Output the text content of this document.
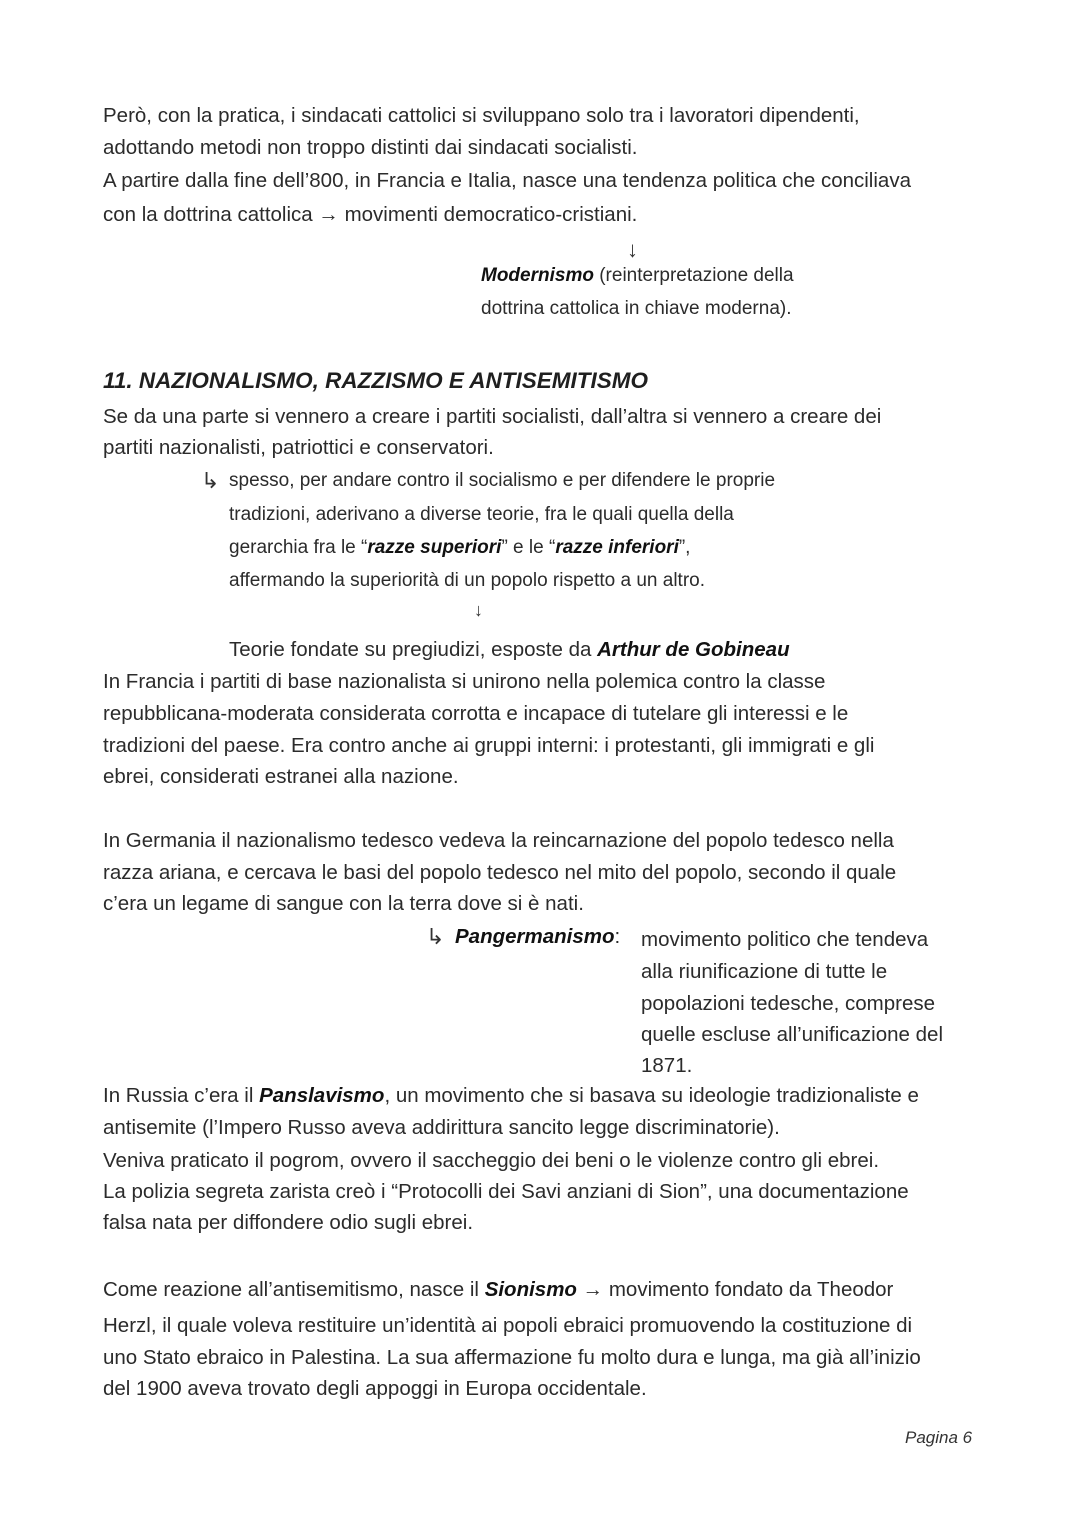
Però, con la pratica, i sindacati cattolici si sviluppano solo tra i lavoratori dipendenti,
adottando metodi non troppo distinti dai sindacati socialisti.
A partire dalla fine dell’800, in Francia e Italia, nasce una tendenza politica che conciliava
con la dottrina cattolica → movimenti democratico-cristiani.
↓
Modernismo (reinterpretazione della
dottrina cattolica in chiave moderna).
11. NAZIONALISMO, RAZZISMO E ANTISEMITISMO
Se da una parte si vennero a creare i partiti socialisti, dall’altra si vennero a creare dei
partiti nazionalisti, patriottici e conservatori.
↳ spesso, per andare contro il socialismo e per difendere le proprie
tradizioni, aderivano a diverse teorie, fra le quali quella della
gerarchia fra le “razze superiori” e le “razze inferiori”,
affermando la superiorità di un popolo rispetto a un altro.
↓
Teorie fondate su pregiudizi, esposte da Arthur de Gobineau
In Francia i partiti di base nazionalista si unirono nella polemica contro la classe
repubblicana-moderata considerata corrotta e incapace di tutelare gli interessi e le
tradizioni del paese. Era contro anche ai gruppi interni: i protestanti, gli immigrati e gli
ebrei, considerati estranei alla nazione.
In Germania il nazionalismo tedesco vedeva la reincarnazione del popolo tedesco nella
razza ariana, e cercava le basi del popolo tedesco nel mito del popolo, secondo il quale
c’era un legame di sangue con la terra dove si è nati.
↳ Pangermanismo: movimento politico che tendeva
alla riunificazione di tutte le
popolazioni tedesche, comprese
quelle escluse all’unificazione del
1871.
In Russia c’era il Panslavismo, un movimento che si basava su ideologie tradizionaliste e
antisemite (l’Impero Russo aveva addirittura sancito legge discriminatorie).
Veniva praticato il pogrom, ovvero il saccheggio dei beni o le violenze contro gli ebrei.
La polizia segreta zarista creò i “Protocolli dei Savi anziani di Sion”, una documentazione
falsa nata per diffondere odio sugli ebrei.
Come reazione all’antisemitismo, nasce il Sionismo → movimento fondato da Theodor
Herzl, il quale voleva restituire un’identità ai popoli ebraici promuovendo la costituzione di
uno Stato ebraico in Palestina. La sua affermazione fu molto dura e lunga, ma già all’inizio
del 1900 aveva trovato degli appoggi in Europa occidentale.
Pagina 6
